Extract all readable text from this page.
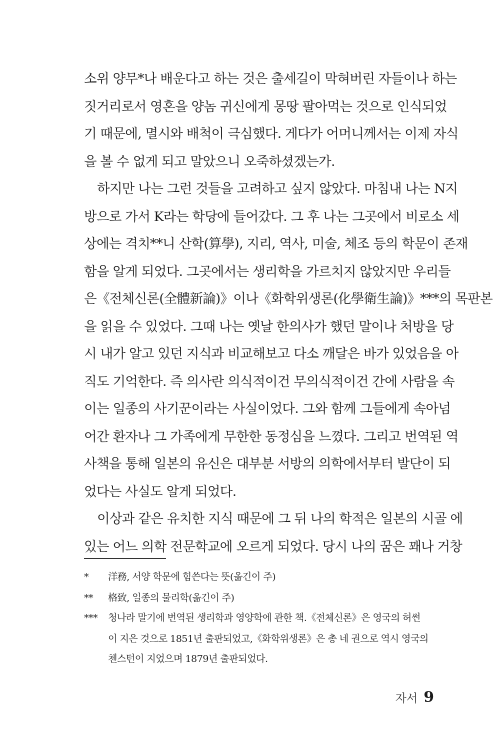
소위 양무*나 배운다고 하는 것은 출세길이 막혀버린 자들이나 하는
짓거리로서 영혼을 양놈 귀신에게 몽땅 팔아먹는 것으로 인식되었
기 때문에, 멸시와 배척이 극심했다. 게다가 어머니께서는 이제 자식
을 볼 수 없게 되고 말았으니 오죽하셨겠는가.
하지만 나는 그런 것들을 고려하고 싶지 않았다. 마침내 나는 N지
방으로 가서 K라는 학당에 들어갔다. 그 후 나는 그곳에서 비로소 세
상에는 격치**니 산학(算學), 지리, 역사, 미술, 체조 등의 학문이 존재
함을 알게 되었다. 그곳에서는 생리학을 가르치지 않았지만 우리들
은《전체신론(全體新論)》이나《화학위생론(化學衛生論)》***의 목판본
을 읽을 수 있었다. 그때 나는 옛날 한의사가 했던 말이나 처방을 당
시 내가 알고 있던 지식과 비교해보고 다소 깨달은 바가 있었음을 아
직도 기억한다. 즉 의사란 의식적이건 무의식적이건 간에 사람을 속
이는 일종의 사기꾼이라는 사실이었다. 그와 함께 그들에게 속아넘
어간 환자나 그 가족에게 무한한 동정심을 느꼈다. 그리고 번역된 역
사책을 통해 일본의 유신은 대부분 서방의 의학에서부터 발단이 되
었다는 사실도 알게 되었다.
이상과 같은 유치한 지식 때문에 그 뒤 나의 학적은 일본의 시골 에
있는 어느 의학 전문학교에 오르게 되었다. 당시 나의 꿈은 꽤나 거창
*	洋務, 서양 학문에 힘쓴다는 뜻(옮긴이 주)
**	格致, 일종의 물리학(옮긴이 주)
***	청나라 말기에 번역된 생리학과 영양학에 관한 책.《전체신론》은 영국의 허썬
이 지은 것으로 1851년 출판되었고,《화학위생론》은 총 네 권으로 역시 영국의
첸스턴이 지었으며 1879년 출판되었다.
자서 9
